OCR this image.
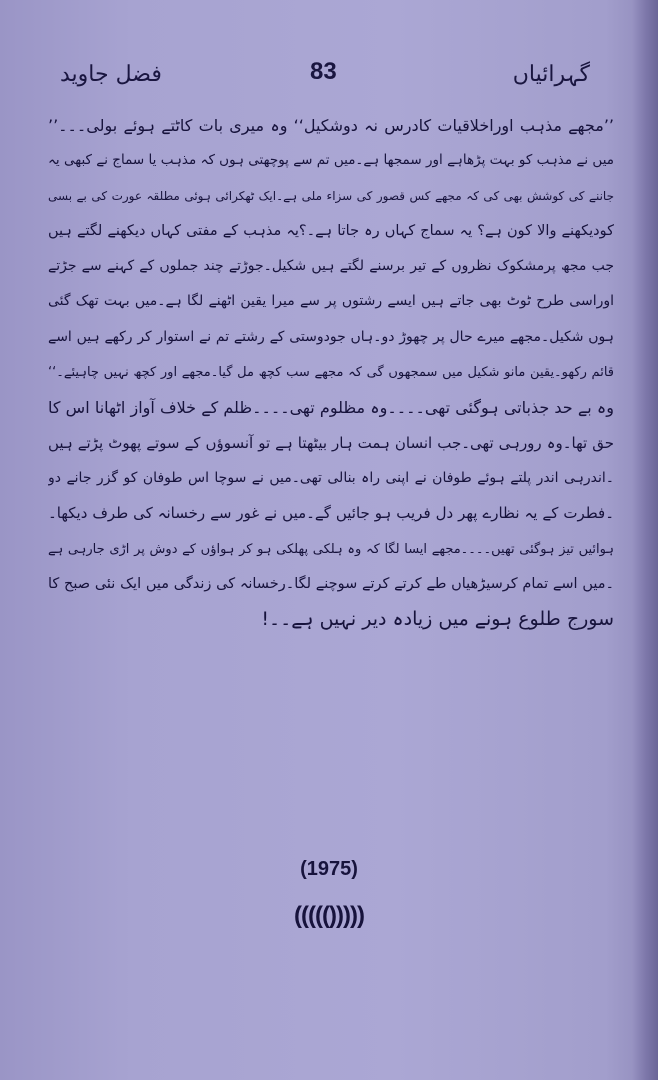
گہرائیاں
83
فضل جاوید
’’مجھے مذہب اوراخلاقیات کادرس نہ دوشکیل‘‘ وہ میری بات کاٹتے ہوئے بولی۔۔۔’’
میں نے مذہب کو بہت پڑھاہے اور سمجھا ہے۔میں تم سے پوچھتی ہوں کہ مذہب یا سماج نے کبھی یہ
جاننے کی کوشش بھی کی کہ مجھے کس قصور کی سزاء ملی ہے۔ایک ٹھکرائی ہوئی مطلقہ عورت کی بے بسی
کودیکھنے والا کون ہے؟ یہ سماج کہاں رہ جاتا ہے۔؟یہ مذہب کے مفتی کہاں دیکھنے لگتے ہیں
جب مجھ پرمشکوک نظروں کے تیر برسنے لگتے ہیں شکیل۔جوڑتے چند جملوں کے کہنے سے جڑتے
اوراسی طرح ٹوٹ بھی جاتے ہیں ایسے رشتوں پر سے میرا یقین اٹھنے لگا ہے۔میں بہت تھک گئی
ہوں شکیل۔مجھے میرے حال پر چھوڑ دو۔ہاں جودوستی کے رشتے تم نے استوار کر رکھے ہیں اسے
قائم رکھو۔یقین مانو شکیل میں سمجھوں گی کہ مجھے سب کچھ مل گیا۔مجھے اور کچھ نہیں چاہیئے۔‘‘
وہ بے حد جذباتی ہوگئی تھی۔۔۔۔وہ مظلوم تھی۔۔۔۔ظلم کے خلاف آواز اٹھانا اس کا
حق تھا۔وہ رورہی تھی۔جب انسان ہمت ہار بیٹھتا ہے تو آنسوؤں کے سوتے پھوٹ پڑتے ہیں
۔اندرہی اندر پلتے ہوئے طوفان نے اپنی راہ بنالی تھی۔میں نے سوچا اس طوفان کو گزر جانے دو
۔فطرت کے یہ نظارے پھر دل فریب ہو جائیں گے۔میں نے غور سے رخسانہ کی طرف دیکھا۔
ہوائیں تیز ہوگئی تھیں۔۔۔۔مجھے ایسا لگا کہ وہ ہلکی پھلکی ہو کر ہواؤں کے دوش پر اڑی جارہی ہے
۔میں اسے تمام کرسیڑھیاں طے کرتے کرتے سوچنے لگا۔رخسانہ کی زندگی میں ایک نئی صبح کا
سورج طلوع ہونے میں زیادہ دیر نہیں ہے۔۔!
(1975)
((((()))))
